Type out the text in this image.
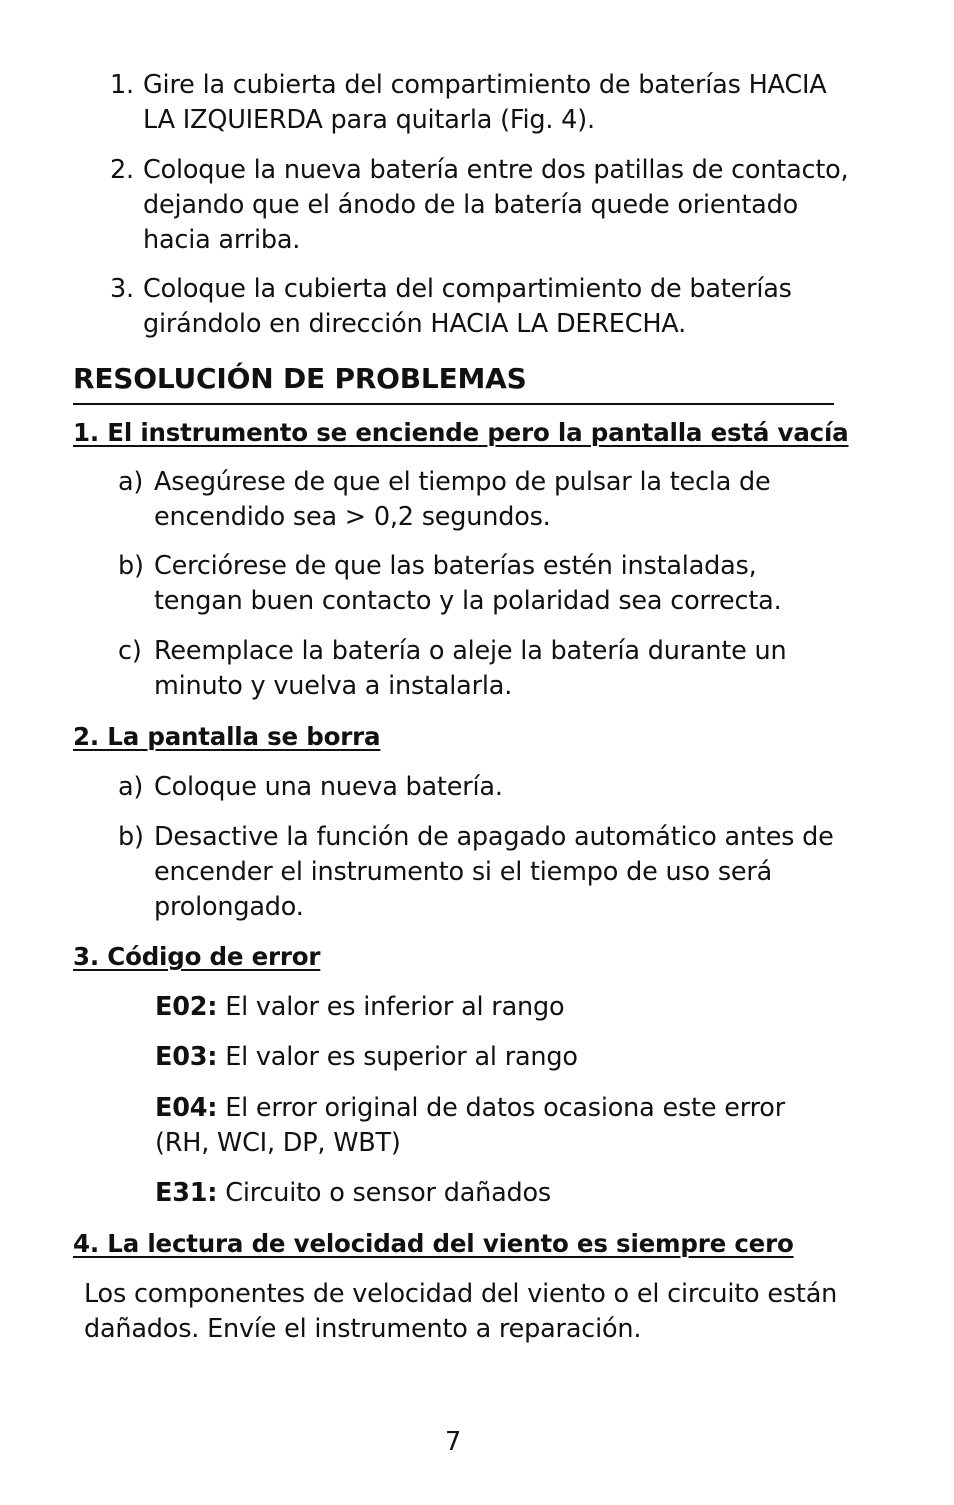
1. Gire la cubierta del compartimiento de baterías HACIA LA IZQUIERDA para quitarla (Fig. 4).
2. Coloque la nueva batería entre dos patillas de contacto, dejando que el ánodo de la batería quede orientado hacia arriba.
3. Coloque la cubierta del compartimiento de baterías girándolo en dirección HACIA LA DERECHA.
RESOLUCIÓN DE PROBLEMAS
1. El instrumento se enciende pero la pantalla está vacía
a) Asegúrese de que el tiempo de pulsar la tecla de encendido sea > 0,2 segundos.
b) Cerciórese de que las baterías estén instaladas, tengan buen contacto y la polaridad sea correcta.
c) Reemplace la batería o aleje la batería durante un minuto y vuelva a instalarla.
2. La pantalla se borra
a) Coloque una nueva batería.
b) Desactive la función de apagado automático antes de encender el instrumento si el tiempo de uso será prolongado.
3. Código de error
E02: El valor es inferior al rango
E03: El valor es superior al rango
E04: El error original de datos ocasiona este error (RH, WCI, DP, WBT)
E31: Circuito o sensor dañados
4. La lectura de velocidad del viento es siempre cero
Los componentes de velocidad del viento o el circuito están dañados. Envíe el instrumento a reparación.
7
